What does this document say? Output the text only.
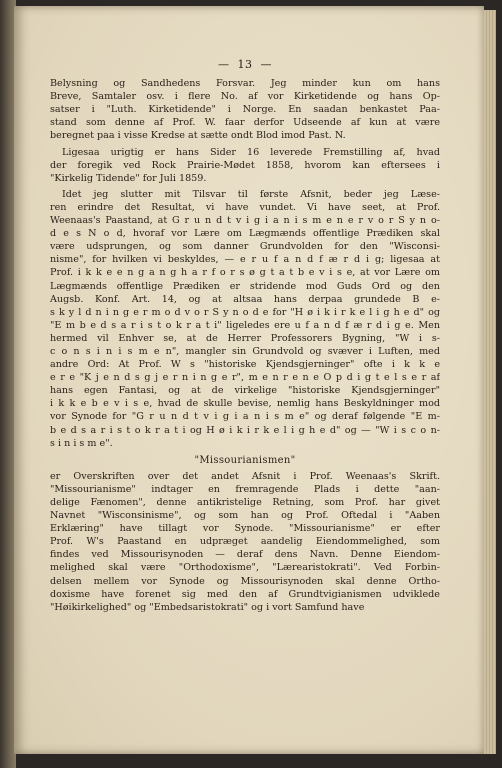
— 13 —
Belysning og Sandhedens Forsvar. Jeg minder kun om hans
Breve, Samtaler osv. i flere No. af vor Kirketidende og hans Op-
satser i "Luth. Kirketidende" i Norge. En saadan benkastet Paa-
stand som denne af Prof. W. faar derfor Udseende af kun at være
beregnet paa i visse Kredse at sætte ondt Blod imod Past. N.
Ligesaa urigtig er hans Sider 16 leverede Fremstilling af, hvad
der foregik ved Rock Prairie-Mødet 1858, hvorom kan eftersees i
"Kirkelig Tidende" for Juli 1859.
Idet jeg slutter mit Tilsvar til første Afsnit, beder jeg Læse-
ren erindre det Resultat, vi have vundet. Vi have seet, at Prof.
Weenaas's Paastand, at G r u n d t v i g i a n i s m e n e r v o r S y n o-
d e s N o d, hvoraf vor Lære om Lægmænds offentlige Prædiken skal
være udsprungen, og som danner Grundvolden for den "Wisconsi-
nisme", for hvilken vi beskyldes, — e r u f a n d f æ r d i g; ligesaa at
Prof. i k k e e n g a n g h a r f o r s ø g t a t b e v i s e, at vor Lære om
Lægmænds offentlige Prædiken er stridende mod Guds Ord og den
Augsb. Konf. Art. 14, og at altsaa hans derpaa grundede B e-
s k y l d n i n g e r m o d v o r S y n o d e for "H ø i k i r k e l i g h e d" og
"E m b e d s a r i s t o k r a t i" ligeledes ere u f a n d f æ r d i g e. Men
hermed vil Enhver se, at de Herrer Professorers Bygning, "W i s-
c o n s i n i s m e n", mangler sin Grundvold og svæver i Luften, med
andre Ord: At Prof. W s "historiske Kjendsgjerninger" ofte i k k e
e r e "K j e n d s g j e r n i n g e r", m e n r e n e O p d i g t e l s e r af
hans egen Fantasi, og at de virkelige "historiske Kjendsgjerninger"
i k k e b e v i s e, hvad de skulle bevise, nemlig hans Beskyldninger mod
vor Synode for "G r u n d t v i g i a n i s m e" og deraf følgende "E m-
b e d s a r i s t o k r a t i og H ø i k i r k e l i g h e d" og — "W i s c o n-
s i n i s m e".
"Missourianismen"
er Overskriften over det andet Afsnit i Prof. Weenaas's Skrift.
"Missourianisme" indtager en fremragende Plads i dette "aan-
delige Fænomen", denne antikristelige Retning, som Prof. har givet
Navnet "Wisconsinisme", og som han og Prof. Oftedal i "Aaben
Erklæring" have tillagt vor Synode. "Missourianisme" er efter
Prof. W's Paastand en udpræget aandelig Eiendommelighed, som
findes ved Missourisynoden — deraf dens Navn. Denne Eiendom-
melighed skal være "Orthodoxisme", "Lærearistokrati". Ved Forbin-
delsen mellem vor Synode og Missourisynoden skal denne Ortho-
doxisme have forenet sig med den af Grundtvigianismen udviklede
"Høikirkelighed" og "Embedsaristokrati" og i vort Samfund have
